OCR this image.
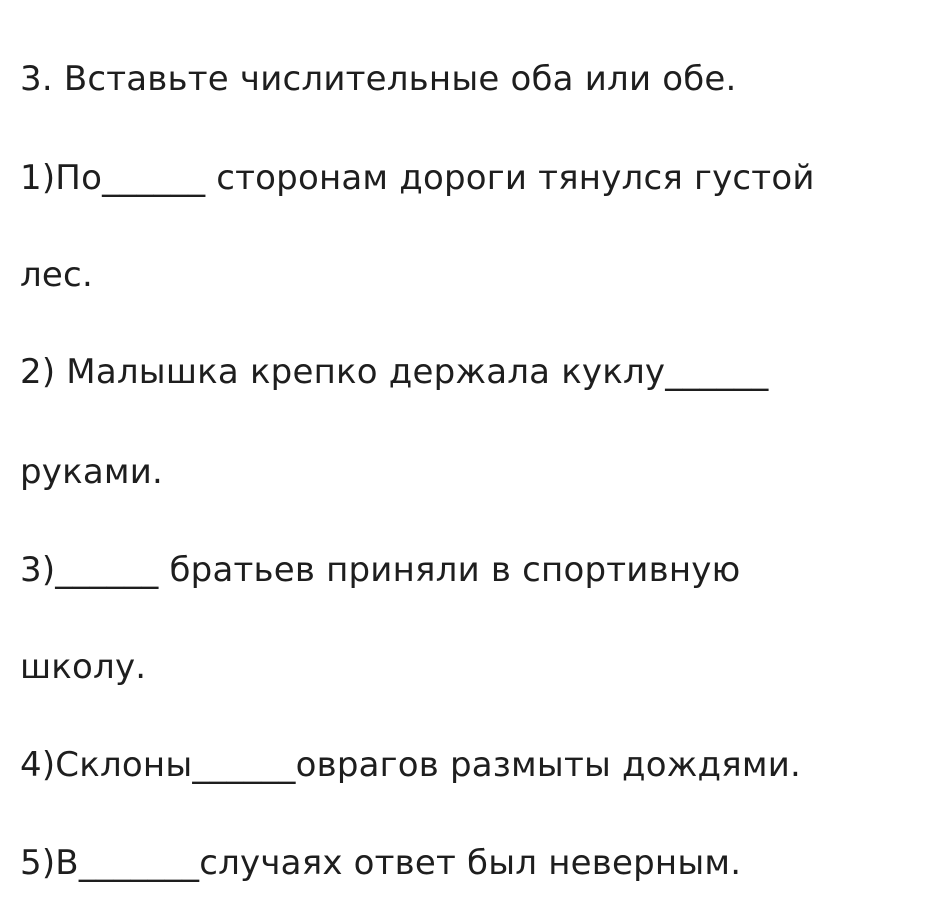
3. Вставьте числительные оба или обе.
1)По______ сторонам дороги тянулся густой
лес.
2) Малышка крепко держала куклу______
руками.
3)______ братьев приняли в спортивную
школу.
4)Склоны______оврагов размыты дождями.
5)В_______случаях ответ был неверным.
